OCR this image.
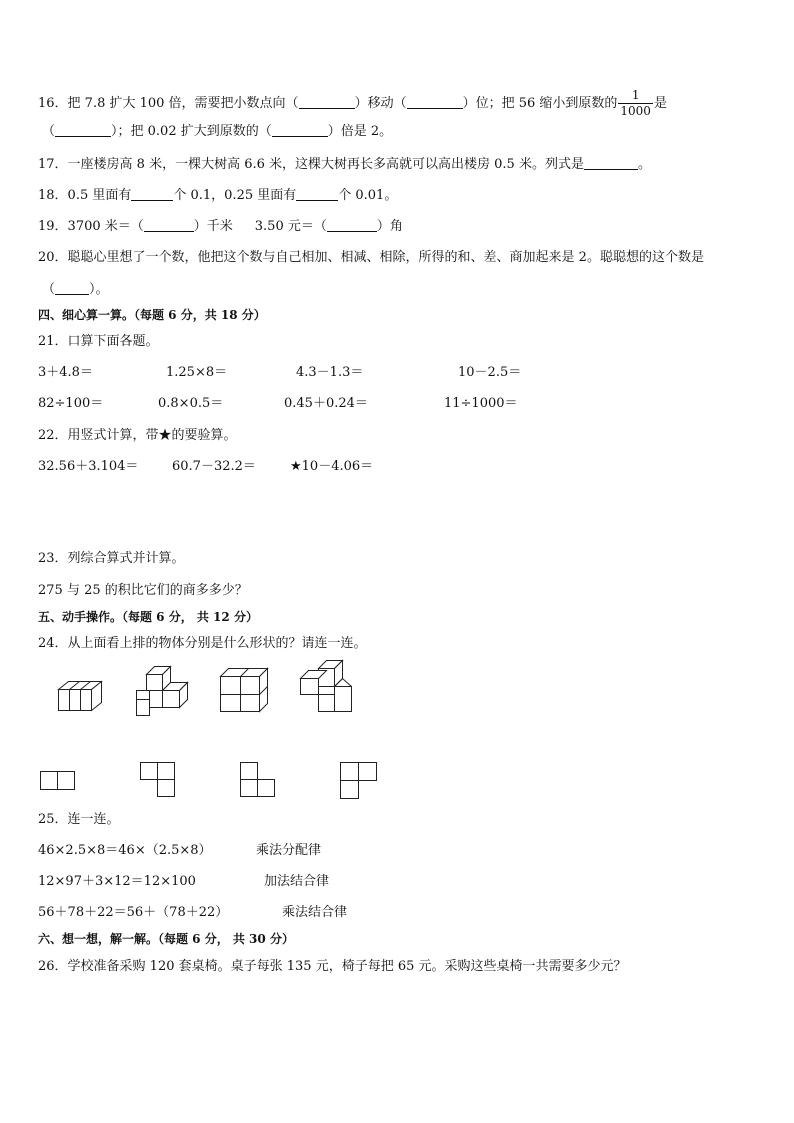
16．把 7.8 扩大 100 倍，需要把小数点向（	）移动（	）位；把 56 缩小到原数的 $\frac{1}{1000}$ 是
（	）；把 0.02 扩大到原数的（	）倍是 2。
17．一座楼房高 8 米，一棵大树高 6.6 米，这棵大树再长多高就可以高出楼房 0.5 米。列式是	。
18．0.5 里面有	个 0.1，0.25 里面有	个 0.01。
19．3700 米＝（	）千米 3.50 元＝（	）角
20．聪聪心里想了一个数，他把这个数与自己相加、相减、相除，所得的和、差、商加起来是 2。聪聪想的这个数是
（	）。
四、细心算一算。（每题 6 分，共 18 分）
21．口算下面各题。
3＋4.8＝	1.25×8＝	4.3－1.3＝	10－2.5＝
82÷100＝	0.8×0.5＝	0.45＋0.24＝	11÷1000＝
22．用竖式计算，带★的要验算。
32.56＋3.104＝	60.7－32.2＝	★10－4.06＝
23．列综合算式并计算。
275 与 25 的积比它们的商多多少？
五、动手操作。（每题 6 分， 共 12 分）
24．从上面看上排的物体分别是什么形状的？请连一连。
25．连一连。
46×2.5×8＝46×（2.5×8）	乘法分配律
12×97＋3×12＝12×100	加法结合律
56＋78＋22＝56＋（78＋22）	乘法结合律
六、想一想，解一解。（每题 6 分， 共 30 分）
26．学校准备采购 120 套桌椅。桌子每张 135 元，椅子每把 65 元。采购这些桌椅一共需要多少元？
